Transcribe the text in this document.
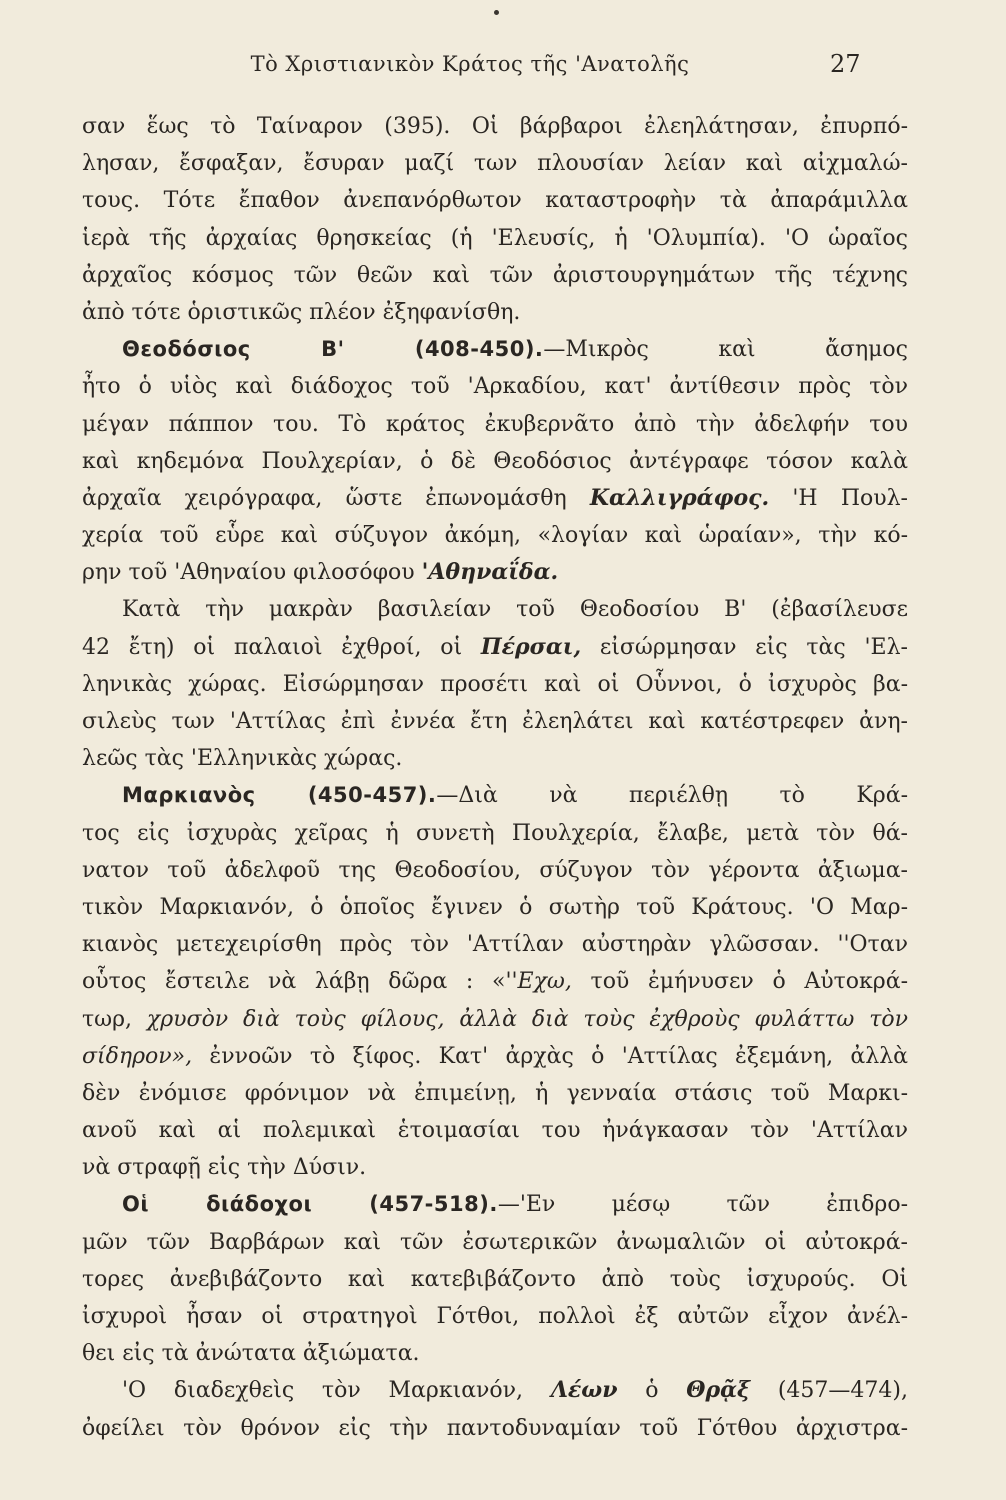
Τὸ Χριστιανικὸν Κράτος τῆς 'Ανατολῆς	27
σαν ἕως τὸ Ταίναρον (395). Οἱ βάρβαροι ἐλεηλάτησαν, ἐπυρπό-
λησαν, ἔσφαξαν, ἔσυραν μαζί των πλουσίαν λείαν καὶ αἰχμαλώ-
τους. Τότε ἔπαθον ἀνεπανόρθωτον καταστροφὴν τὰ ἀπαράμιλλα
ἱερὰ τῆς ἀρχαίας θρησκείας (ἡ 'Ελευσίς, ἡ 'Ολυμπία). 'Ο ὡραῖος
ἀρχαῖος κόσμος τῶν θεῶν καὶ τῶν ἀριστουργημάτων τῆς τέχνης
ἀπὸ τότε ὁριστικῶς πλέον ἐξηφανίσθη.
Θεοδόσιος Β' (408-450).—Μικρὸς καὶ ἄσημος
ἦτο ὁ υἱὸς καὶ διάδοχος τοῦ 'Αρκαδίου, κατ' ἀντίθεσιν πρὸς τὸν
μέγαν πάππον του. Τὸ κράτος ἐκυβερνᾶτο ἀπὸ τὴν ἀδελφήν του
καὶ κηδεμόνα Πουλχερίαν, ὁ δὲ Θεοδόσιος ἀντέγραφε τόσον καλὰ
ἀρχαῖα χειρόγραφα, ὥστε ἐπωνομάσθη Καλλιγράφος. 'Η Πουλ-
χερία τοῦ εὗρε καὶ σύζυγον ἀκόμη, «λογίαν καὶ ὡραίαν», τὴν κό-
ρην τοῦ 'Αθηναίου φιλοσόφου 'Αθηναΐδα.
Κατὰ τὴν μακρὰν βασιλείαν τοῦ Θεοδοσίου Β' (ἐβασίλευσε
42 ἔτη) οἱ παλαιοὶ ἐχθροί, οἱ Πέρσαι, εἰσώρμησαν εἰς τὰς 'Ελ-
ληνικὰς χώρας. Εἰσώρμησαν προσέτι καὶ οἱ Οὗννοι, ὁ ἰσχυρὸς βα-
σιλεὺς των 'Αττίλας ἐπὶ ἐννέα ἔτη ἐλεηλάτει καὶ κατέστρεφεν ἀνη-
λεῶς τὰς 'Ελληνικὰς χώρας.
Μαρκιανὸς (450-457).—Διὰ νὰ περιέλθῃ τὸ Κρά-
τος εἰς ἰσχυρὰς χεῖρας ἡ συνετὴ Πουλχερία, ἔλαβε, μετὰ τὸν θά-
νατον τοῦ ἀδελφοῦ της Θεοδοσίου, σύζυγον τὸν γέροντα ἀξιωμα-
τικὸν Μαρκιανόν, ὁ ὁποῖος ἔγινεν ὁ σωτὴρ τοῦ Κράτους. 'Ο Μαρ-
κιανὸς μετεχειρίσθη πρὸς τὸν 'Αττίλαν αὐστηρὰν γλῶσσαν. ''Οταν
οὗτος ἔστειλε νὰ λάβῃ δῶρα : «''Εχω, τοῦ ἐμήνυσεν ὁ Αὐτοκρά-
τωρ, χρυσὸν διὰ τοὺς φίλους, ἀλλὰ διὰ τοὺς ἐχθροὺς φυλάττω τὸν
σίδηρον», ἐννοῶν τὸ ξίφος. Κατ' ἀρχὰς ὁ 'Αττίλας ἐξεμάνη, ἀλλὰ
δὲν ἐνόμισε φρόνιμον νὰ ἐπιμείνῃ, ἡ γενναία στάσις τοῦ Μαρκι-
ανοῦ καὶ αἱ πολεμικαὶ ἑτοιμασίαι του ἠνάγκασαν τὸν 'Αττίλαν
νὰ στραφῇ εἰς τὴν Δύσιν.
Οἱ διάδοχοι (457-518).—'Εν μέσῳ τῶν ἐπιδρο-
μῶν τῶν Βαρβάρων καὶ τῶν ἐσωτερικῶν ἀνωμαλιῶν οἱ αὐτοκρά-
τορες ἀνεβιβάζοντο καὶ κατεβιβάζοντο ἀπὸ τοὺς ἰσχυρούς. Οἱ
ἰσχυροὶ ἦσαν οἱ στρατηγοὶ Γότθοι, πολλοὶ ἐξ αὐτῶν εἶχον ἀνέλ-
θει εἰς τὰ ἀνώτατα ἀξιώματα.
'Ο διαδεχθεὶς τὸν Μαρκιανόν, Λέων ὁ Θρᾷξ (457—474),
ὀφείλει τὸν θρόνον εἰς τὴν παντοδυναμίαν τοῦ Γότθου ἀρχιστρα-
